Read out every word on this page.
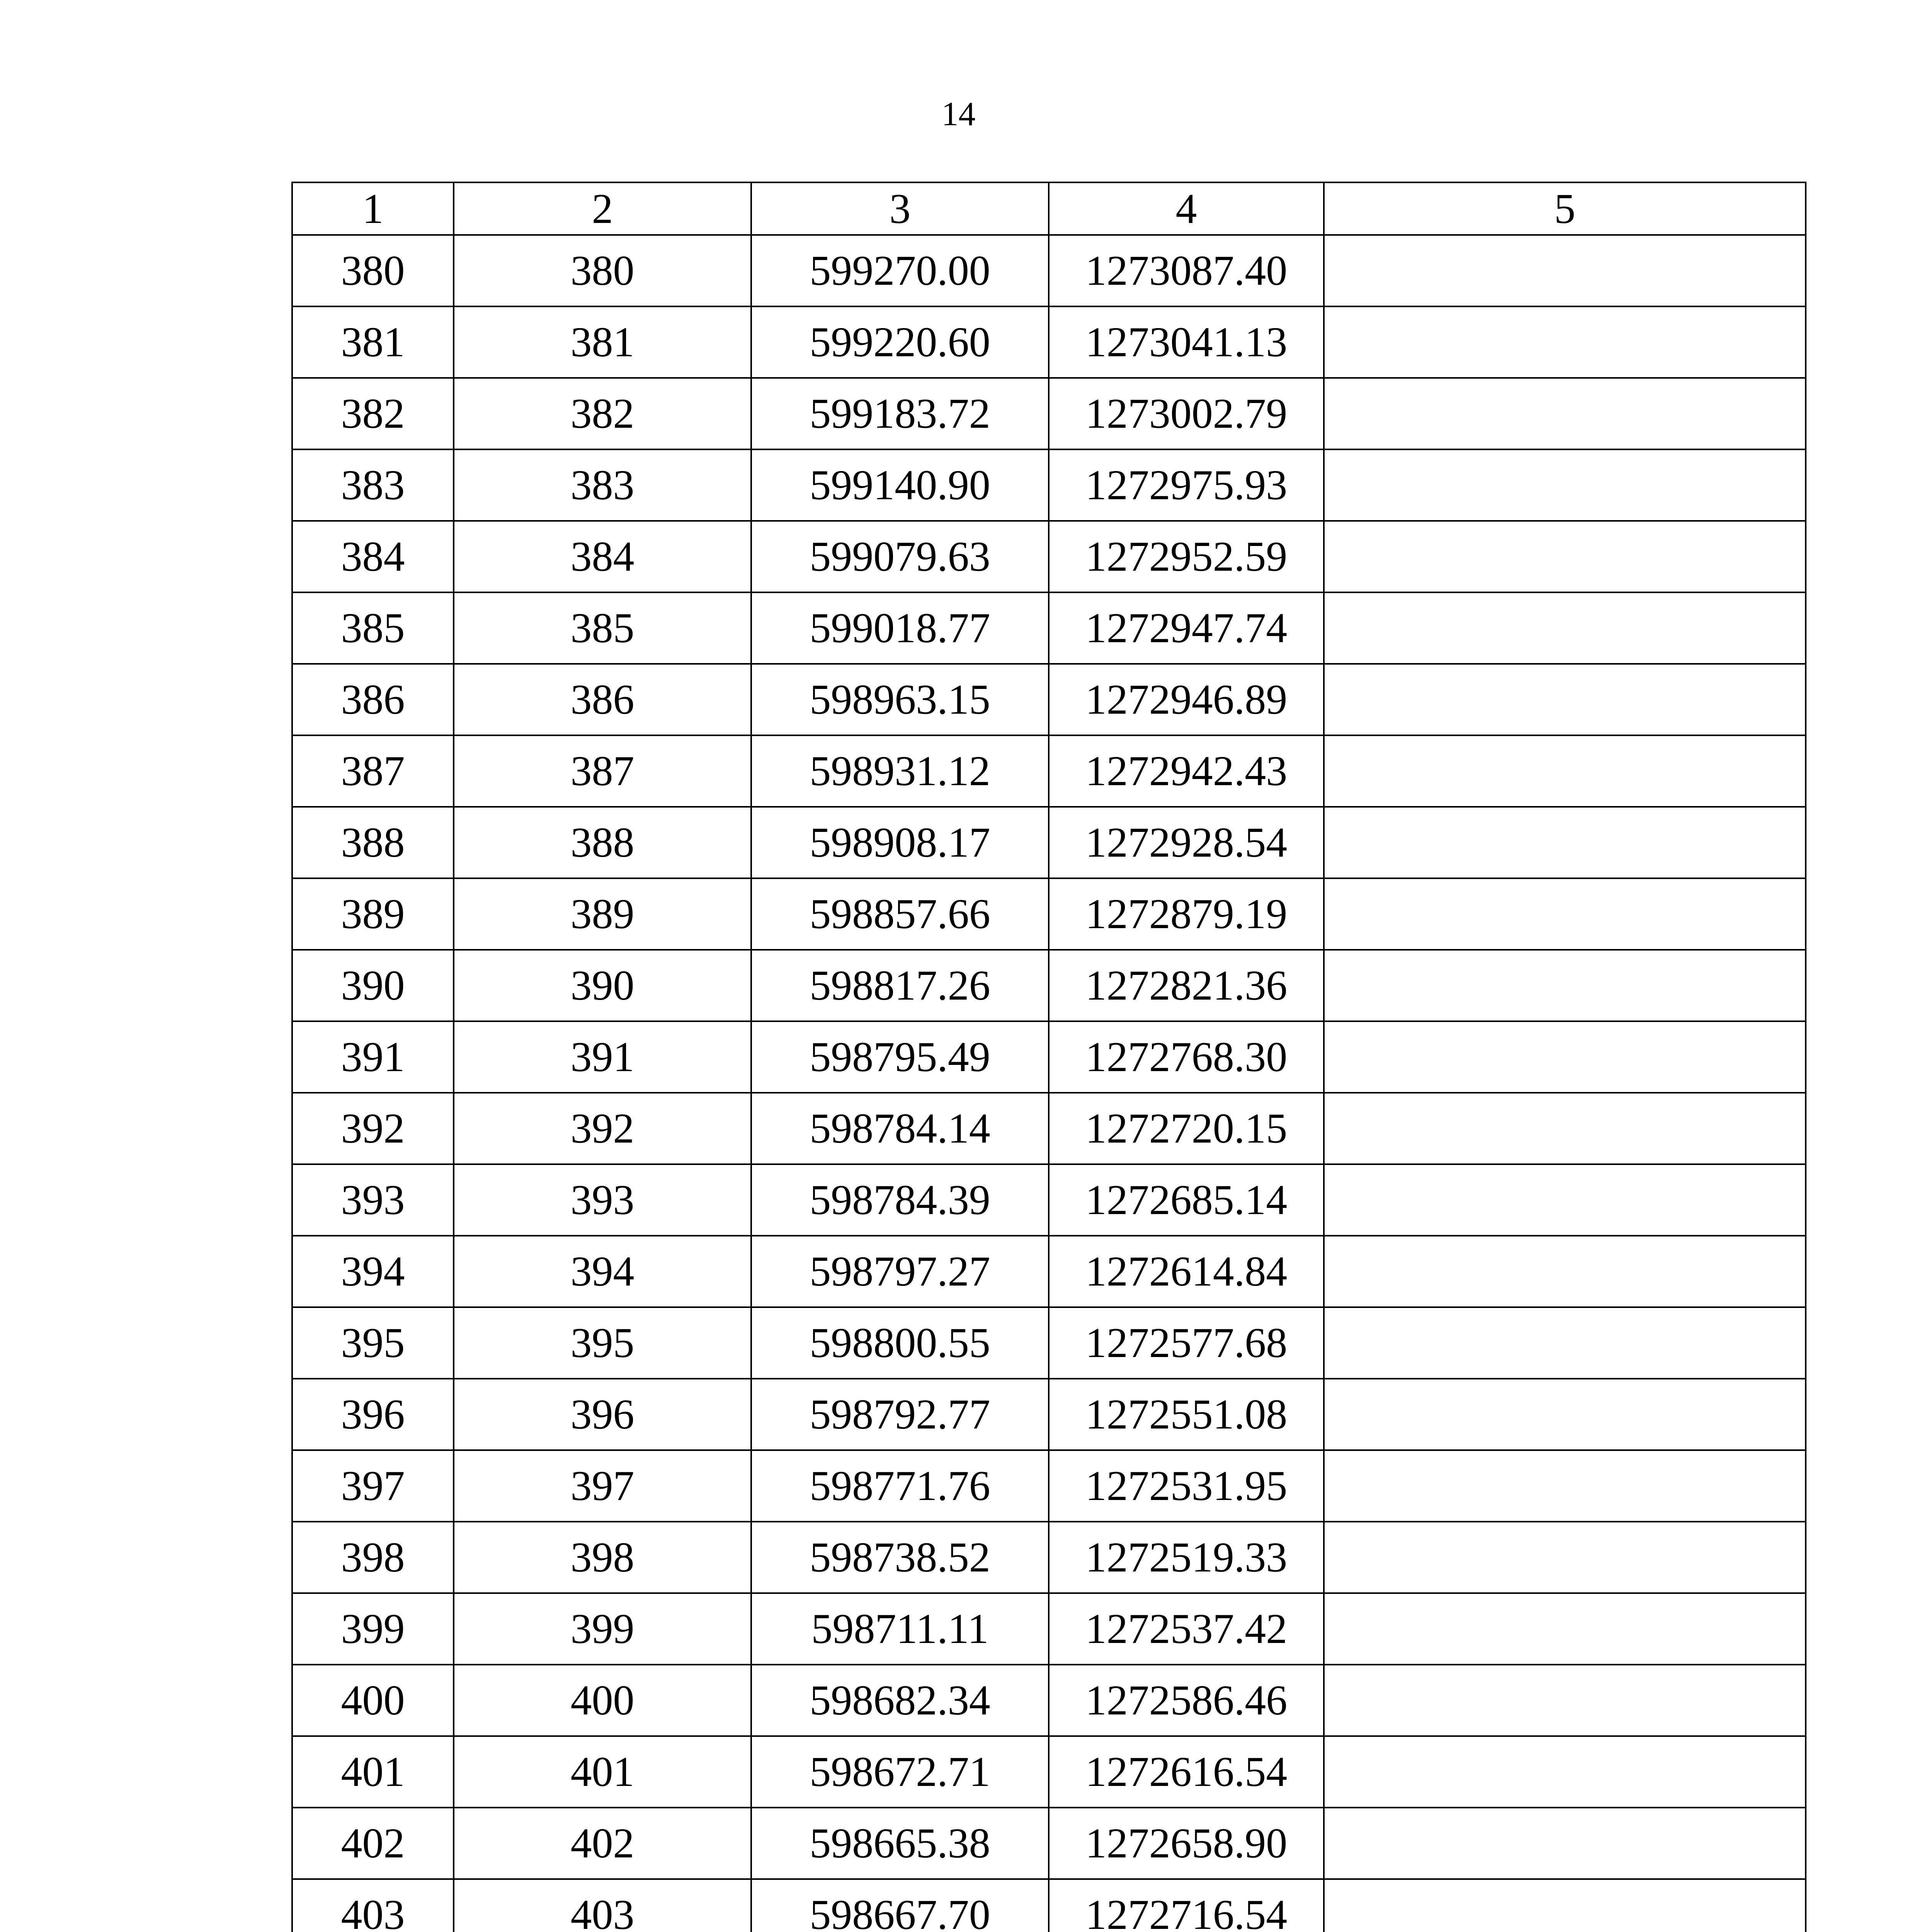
14
1	2	3	4	5
380	380	599270.00	1273087.40	
381	381	599220.60	1273041.13	
382	382	599183.72	1273002.79	
383	383	599140.90	1272975.93	
384	384	599079.63	1272952.59	
385	385	599018.77	1272947.74	
386	386	598963.15	1272946.89	
387	387	598931.12	1272942.43	
388	388	598908.17	1272928.54	
389	389	598857.66	1272879.19	
390	390	598817.26	1272821.36	
391	391	598795.49	1272768.30	
392	392	598784.14	1272720.15	
393	393	598784.39	1272685.14	
394	394	598797.27	1272614.84	
395	395	598800.55	1272577.68	
396	396	598792.77	1272551.08	
397	397	598771.76	1272531.95	
398	398	598738.52	1272519.33	
399	399	598711.11	1272537.42	
400	400	598682.34	1272586.46	
401	401	598672.71	1272616.54	
402	402	598665.38	1272658.90	
403	403	598667.70	1272716.54	
